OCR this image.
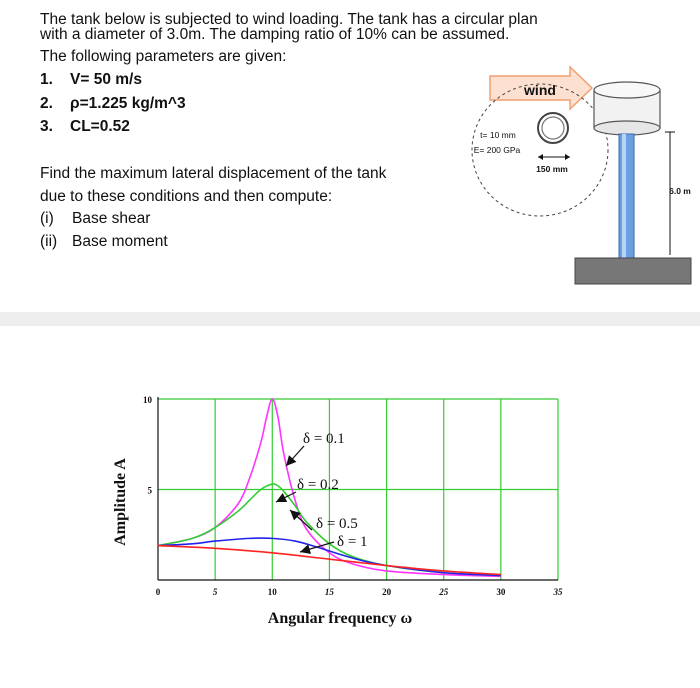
The tank below is subjected to wind loading. The tank has a circular plan
with a diameter of 3.0m. The damping ratio of 10% can be assumed.
The following parameters are given:
1. V= 50 m/s
2. ρ=1.225 kg/m^3
3. CL=0.52
Find the maximum lateral displacement of the tank
due to these conditions and then compute:
(i) Base shear
(ii) Base moment
wind
t= 10 mm
E= 200 GPa
150 mm
6.0 m
0	5	10	15	20	25	30	35
5
10
δ = 0.1
δ = 0.2
δ = 0.5
δ = 1
Amplitude A
Angular frequency ω
